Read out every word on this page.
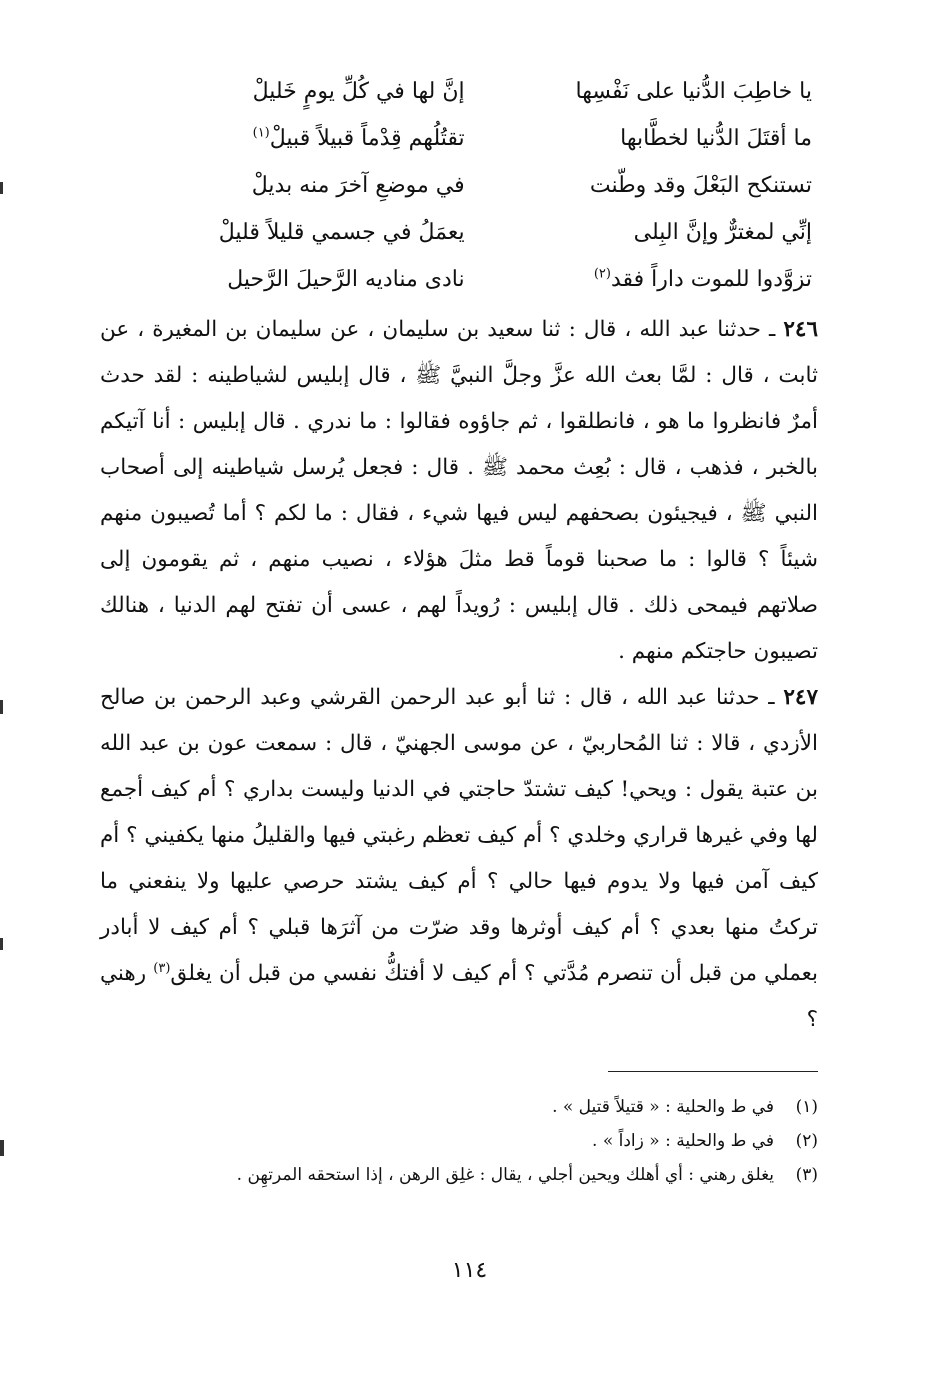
يا خاطِبَ الدُّنيا على نَفْسِها
إنَّ لها في كُلِّ يومٍ خَليلْ
ما أقتَلَ الدُّنيا لخطَّابها
تقتُلُهم قِدْماً قبيلاً قبيلْ$^{(١)}$
تستنكح البَعْلَ وقد وطّنت
في موضعِ آخرَ منه بديلْ
إنِّي لمغترٌّ وإنَّ البِلى
يعمَلُ في جسمي قليلاً قليلْ
تزوَّدوا للموت داراً فقد$^{(٢)}$
نادى مناديه الرَّحيلَ الرَّحيل

٢٤٦ ـ حدثنا عبد الله ، قال : ثنا سعيد بن سليمان ، عن سليمان بن المغيرة ، عن ثابت ، قال : لمَّا بعث الله عزَّ وجلَّ النبيَّ ﷺ ، قال إبليس لشياطينه : لقد حدث أمرٌ فانظروا ما هو ، فانطلقوا ، ثم جاؤوه فقالوا : ما ندري . قال إبليس : أنا آتيكم بالخبر ، فذهب ، قال : بُعِث محمد ﷺ . قال : فجعل يُرسل شياطينه إلى أصحاب النبي ﷺ ، فيجيئون بصحفهم ليس فيها شيء ، فقال : ما لكم ؟ أما تُصيبون منهم شيئاً ؟ قالوا : ما صحبنا قوماً قط مثلَ هؤلاء ، نصيب منهم ، ثم يقومون إلى صلاتهم فيمحى ذلك . قال إبليس : رُويداً لهم ، عسى أن تفتح لهم الدنيا ، هنالك تصيبون حاجتكم منهم .

٢٤٧ ـ حدثنا عبد الله ، قال : ثنا أبو عبد الرحمن القرشي وعبد الرحمن بن صالح الأزدي ، قالا : ثنا المُحاربيّ ، عن موسى الجهنيّ ، قال : سمعت عون بن عبد الله بن عتبة يقول : ويحي! كيف تشتدّ حاجتي في الدنيا وليست بداري ؟ أم كيف أجمع لها وفي غيرها قراري وخلدي ؟ أم كيف تعظم رغبتي فيها والقليلُ منها يكفيني ؟ أم كيف آمن فيها ولا يدوم فيها حالي ؟ أم كيف يشتد حرصي عليها ولا ينفعني ما تركتُ منها بعدي ؟ أم كيف أوثرها وقد ضرّت من آثرَها قبلي ؟ أم كيف لا أبادر بعملي من قبل أن تنصرم مُدَّتي ؟ أم كيف لا أفتكُّ نفسي من قبل أن يغلق$^{(٣)}$ رهني ؟

(١)
في ط والحلية : « قتيلاً قتيل » .
(٢)
في ط والحلية : « زاداً » .
(٣)
يغلق رهني : أي أهلك ويحين أجلي ، يقال : غلِق الرهن ، إذا استحقه المرتهِن .
١١٤
